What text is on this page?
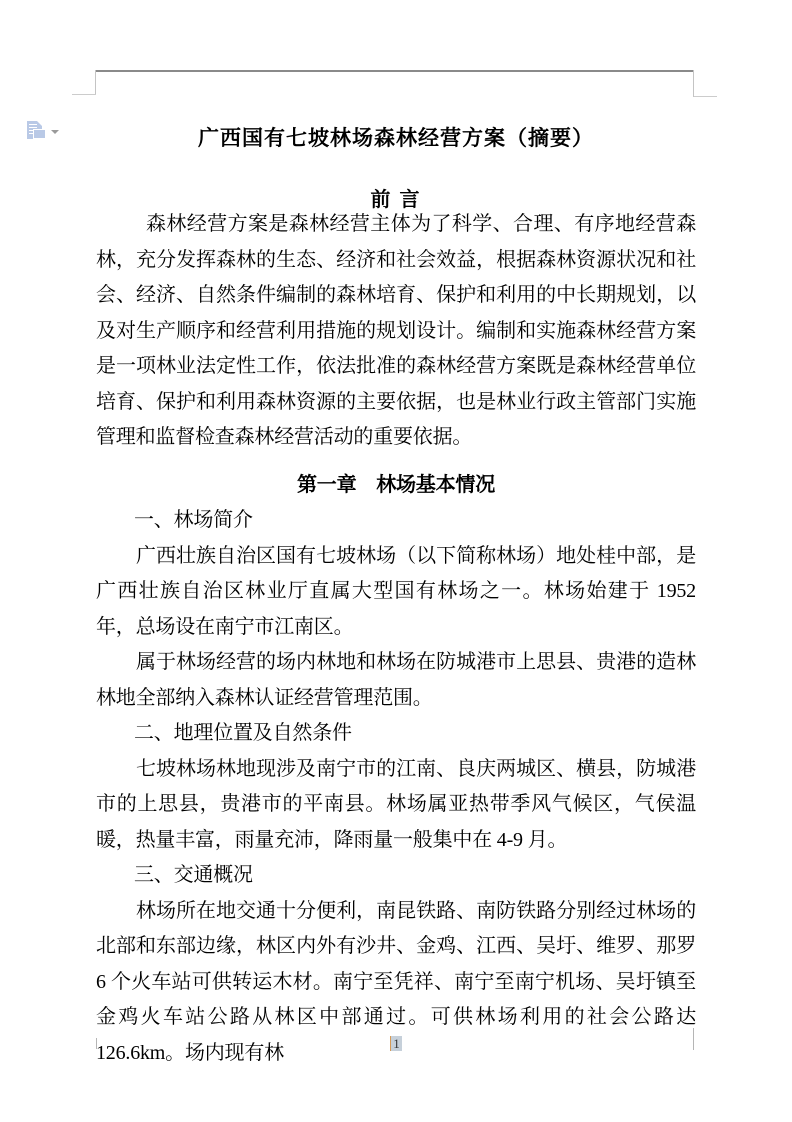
广西国有七坡林场森林经营方案（摘要）
前 言

森林经营方案是森林经营主体为了科学、合理、有序地经营森林，充分发挥森林的生态、经济和社会效益，根据森林资源状况和社会、经济、自然条件编制的森林培育、保护和利用的中长期规划，以及对生产顺序和经营利用措施的规划设计。编制和实施森林经营方案是一项林业法定性工作，依法批准的森林经营方案既是森林经营单位培育、保护和利用森林资源的主要依据，也是林业行政主管部门实施管理和监督检查森林经营活动的重要依据。

第一章　林场基本情况

一、林场简介

广西壮族自治区国有七坡林场（以下简称林场）地处桂中部，是广西壮族自治区林业厅直属大型国有林场之一。林场始建于 1952 年，总场设在南宁市江南区。

属于林场经营的场内林地和林场在防城港市上思县、贵港的造林林地全部纳入森林认证经营管理范围。

二、地理位置及自然条件

七坡林场林地现涉及南宁市的江南、良庆两城区、横县，防城港市的上思县，贵港市的平南县。林场属亚热带季风气候区，气侯温暖，热量丰富，雨量充沛，降雨量一般集中在 4-9 月。

三、交通概况

林场所在地交通十分便利，南昆铁路、南防铁路分别经过林场的北部和东部边缘，林区内外有沙井、金鸡、江西、吴圩、维罗、那罗 6 个火车站可供转运木材。南宁至凭祥、南宁至南宁机场、吴圩镇至金鸡火车站公路从林区中部通过。可供林场利用的社会公路达 126.6km。场内现有林	1
